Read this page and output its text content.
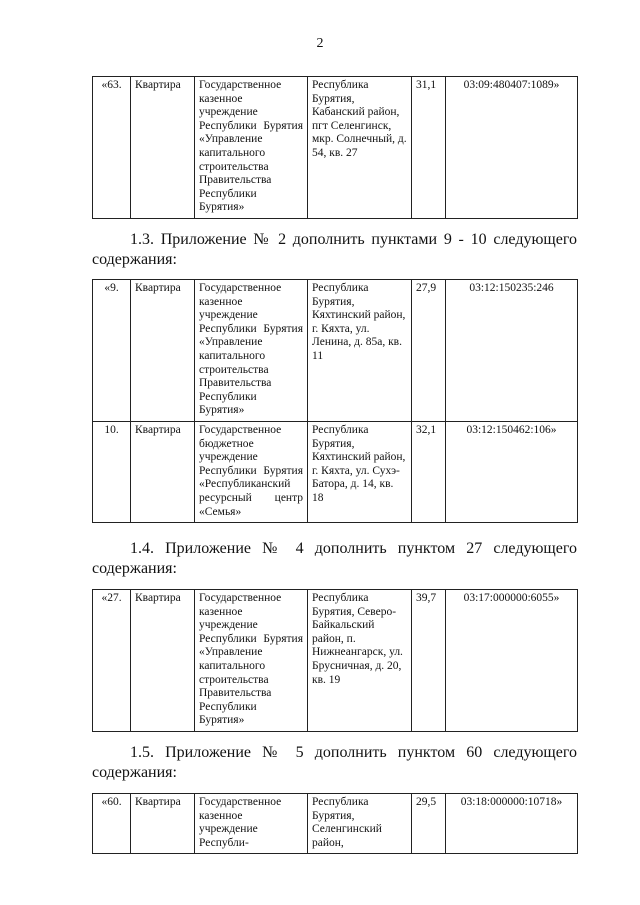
2
«63.	Квартира	Государственное казенное учреждение Республики Бурятия «Управление капитального строительства Правительства Республики Бурятия»	Республика Бурятия, Кабанский район, пгт Селенгинск, мкр. Солнечный, д. 54, кв. 27	31,1	03:09:480407:1089»
1.3. Приложение № 2 дополнить пунктами 9 - 10 следующего содержания:
«9.	Квартира	Государственное казенное учреждение Республики Бурятия «Управление капитального строительства Правительства Республики Бурятия»	Республика Бурятия, Кяхтинский район, г. Кяхта, ул. Ленина, д. 85а, кв. 11	27,9	03:12:150235:246
10.	Квартира	Государственное бюджетное учреждение Республики Бурятия «Республиканский ресурсный центр «Семья»	Республика Бурятия, Кяхтинский район, г. Кяхта, ул. Сухэ-Батора, д. 14, кв. 18	32,1	03:12:150462:106»
1.4. Приложение № 4 дополнить пунктом 27 следующего содержания:
«27.	Квартира	Государственное казенное учреждение Республики Бурятия «Управление капитального строительства Правительства Республики Бурятия»	Республика Бурятия, Северо-Байкальский район, п. Нижнеангарск, ул. Брусничная, д. 20, кв. 19	39,7	03:17:000000:6055»
1.5. Приложение № 5 дополнить пунктом 60 следующего содержания:
«60.	Квартира	Государственное казенное учреждение Республи-	Республика Бурятия, Селенгинский район,	29,5	03:18:000000:10718»
